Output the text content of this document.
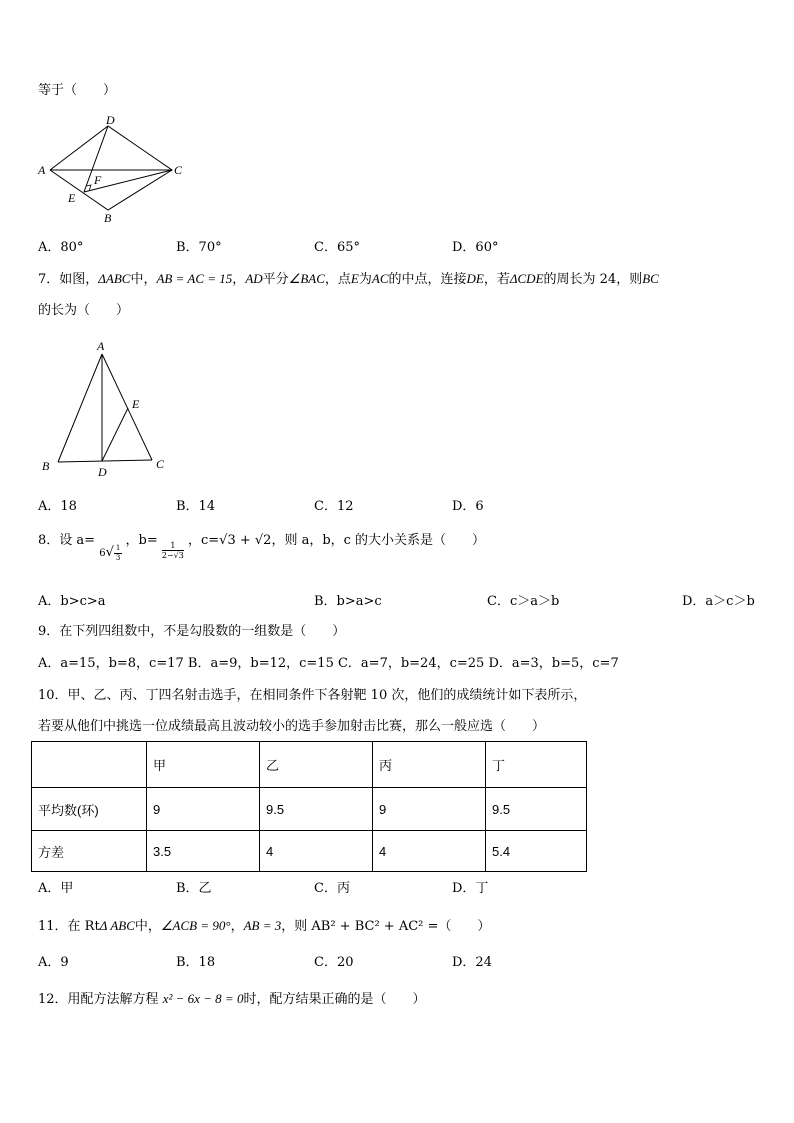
等于（　　）
D
A	C
F
E
B
A．80°	B．70°	C．65°	D．60°
7．如图，ΔABC中，AB = AC = 15，AD平分∠BAC，点E为AC的中点，连接DE，若ΔCDE的周长为 24，则BC
的长为（　　）
A
E
B	D
C
A．18	B．14	C．12	D．6
8．设 a= $_{6√ \frac{1}{3}}$
，b=
$\frac{1}{2-√3}$
，c=√3 + √2，则 a，b，c 的大小关系是（　　）
A．b>c>a	B．b>a>c	C．c＞a＞b	D．a＞c＞b
9．在下列四组数中，不是勾股数的一组数是（　　）
A．a=15，b=8，c=17 B．a=9，b=12，c=15 C．a=7，b=24，c=25 D．a=3，b=5，c=7
10．甲、乙、丙、丁四名射击选手，在相同条件下各射靶 10 次，他们的成绩统计如下表所示，
若要从他们中挑选一位成绩最高且波动较小的选手参加射击比赛，那么一般应选（　　）
	甲	乙	丙	丁
平均数(环)	9	9.5	9	9.5
方差	3.5	4	4	5.4
A．甲	B．乙	C．丙	D．丁
11．在 RtΔ ABC中，∠ACB = 90°，AB = 3，则 AB² + BC² + AC² =（　　）
A．9	B．18	C．20	D．24
12．用配方法解方程 x² − 6x − 8 = 0时，配方结果正确的是（　　）
